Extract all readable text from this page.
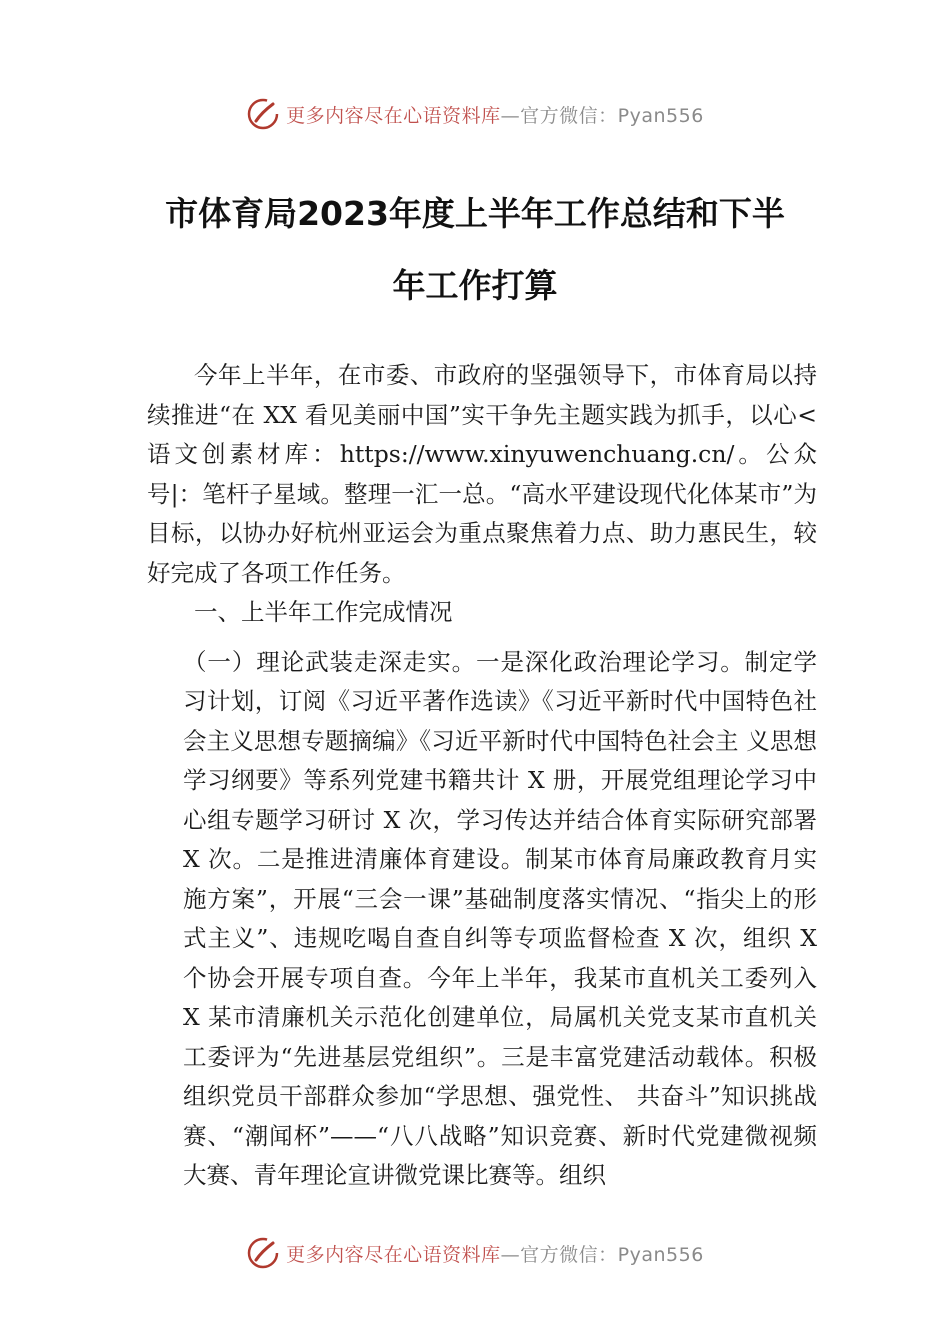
更多内容尽在心语资料库—官方微信：Pyan556
市体育局2023年度上半年工作总结和下半
年工作打算

今年上半年，在市委、市政府的坚强领导下，市体育局以持续推进“在 XX 看见美丽中国”实干争先主题实践为抓手，以心<语文创素材库：https://www.xinyuwenchuang.cn/。公众号|：笔杆子星域。整理一汇一总。“高水平建设现代化体某市”为目标，以协办好杭州亚运会为重点聚焦着力点、助力惠民生，较好完成了各项工作任务。

一、上半年工作完成情况

（一）理论武装走深走实。一是深化政治理论学习。制定学习计划，订阅《习近平著作选读》《习近平新时代中国特色社会主义思想专题摘编》《习近平新时代中国特色社会主 义思想学习纲要》等系列党建书籍共计 X 册，开展党组理论学习中心组专题学习研讨 X 次，学习传达并结合体育实际研究部署 X 次。二是推进清廉体育建设。制某市体育局廉政教育月实施方案”，开展“三会一课”基础制度落实情况、“指尖上的形式主义”、违规吃喝自查自纠等专项监督检查 X 次，组织 X 个协会开展专项自查。今年上半年，我某市直机关工委列入 X 某市清廉机关示范化创建单位，局属机关党支某市直机关工委评为“先进基层党组织”。三是丰富党建活动载体。积极组织党员干部群众参加“学思想、强党性、 共奋斗”知识挑战赛、“潮闻杯”——“八八战略”知识竞赛、新时代党建微视频大赛、青年理论宣讲微党课比赛等。组织

更多内容尽在心语资料库—官方微信：Pyan556
